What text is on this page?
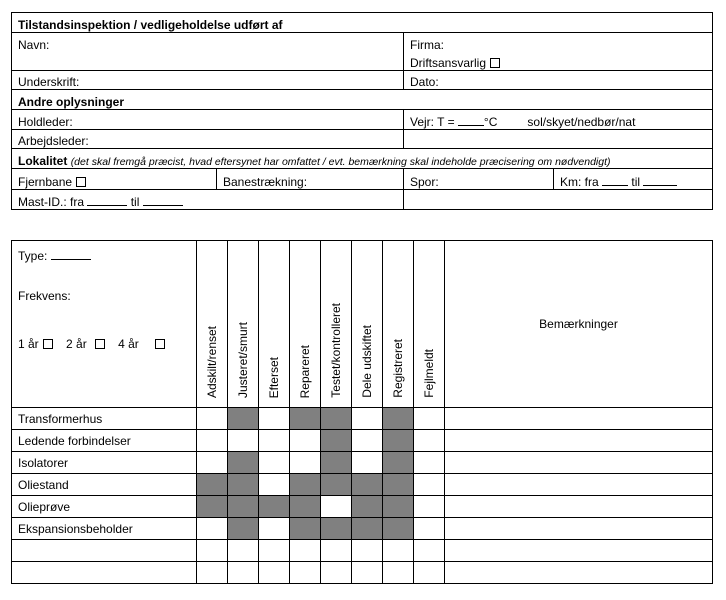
Tilstandsinspektion / vedligeholdelse udført af			
Navn:		Firma:	
		Driftsansvarlig	
Underskrift:		Dato:	
Andre oplysninger			
Holdleder:		Vejr: T = °C sol/skyet/nedbør/nat	
Arbejdsleder:			
Lokalitet (det skal fremgå præcist, hvad eftersynet har omfattet / evt. bemærkning skal indeholde præcisering om nødvendigt)			
Fjernbane	Banestrækning:	Spor:	Km: fra til
Mast-ID.: fra til			
Type:
Frekvens:
1 år 2 år 4 år	Adskilt/renset	Justeret/smurt	Efterset	Repareret	Testet/kontrolleret	Dele udskiftet	Registreret	Fejlmeldt	Bemærkninger
Transformerhus									
Ledende forbindelser									
Isolatorer									
Oliestand									
Olieprøve									
Ekspansionsbeholder									
